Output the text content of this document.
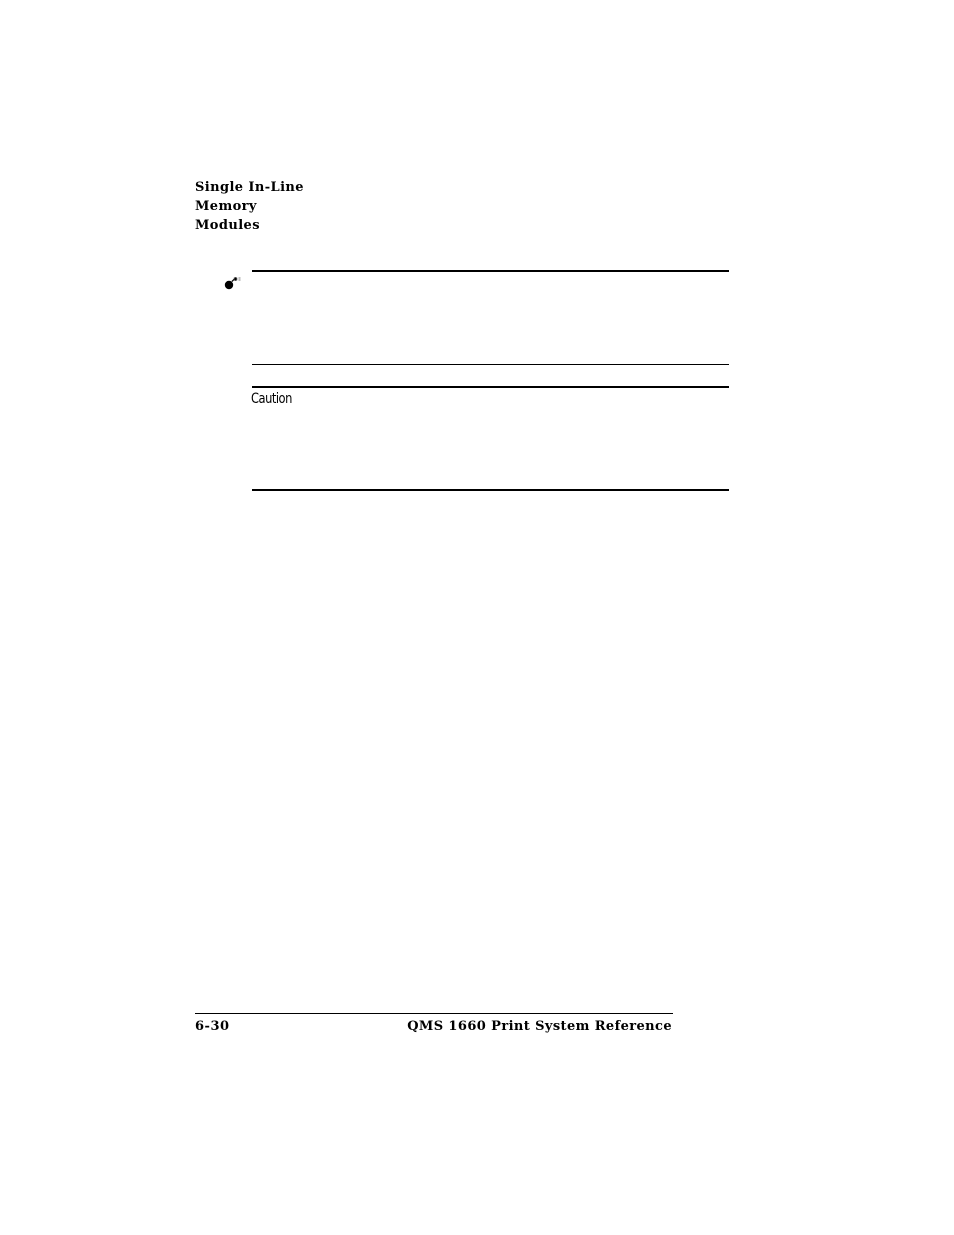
Single In-Line
Memory
Modules
Caution
6-30	QMS 1660 Print System Reference
